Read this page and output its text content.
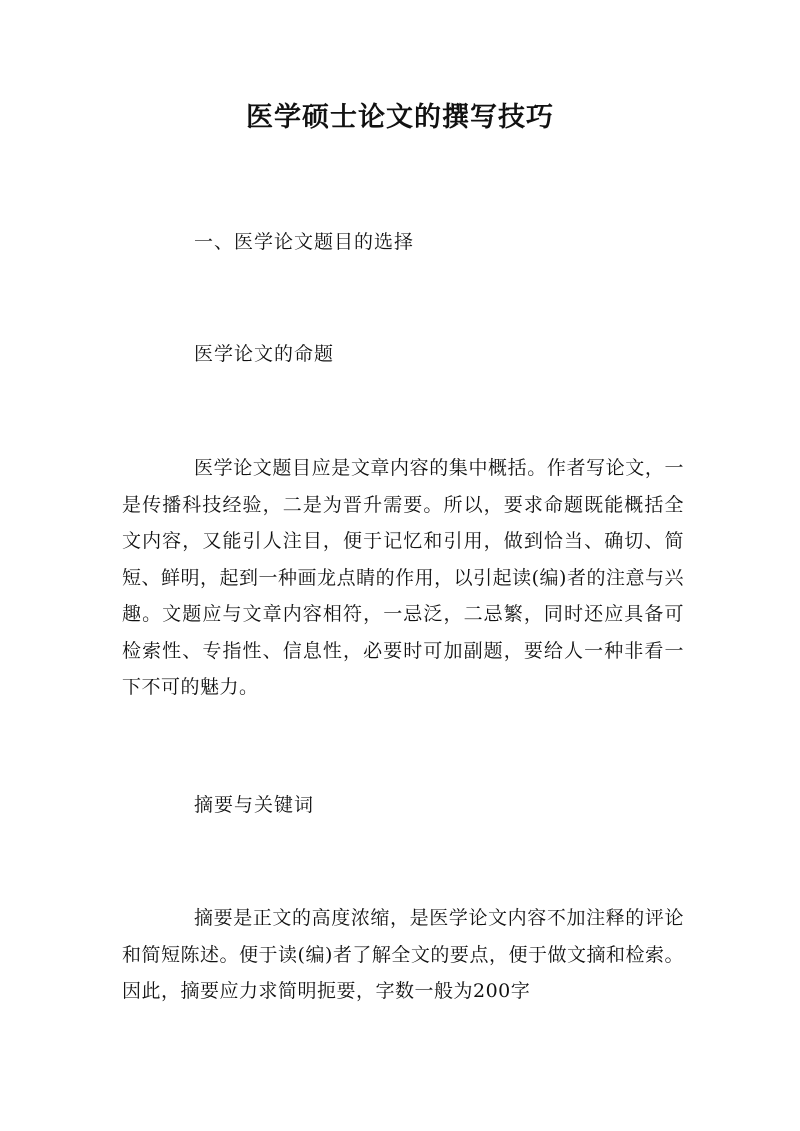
医学硕士论文的撰写技巧
一、医学论文题目的选择
医学论文的命题

医学论文题目应是文章内容的集中概括。作者写论文，一是传播科技经验，二是为晋升需要。所以，要求命题既能概括全文内容，又能引人注目，便于记忆和引用，做到恰当、确切、简短、鲜明，起到一种画龙点睛的作用，以引起读(编)者的注意与兴趣。文题应与文章内容相符，一忌泛，二忌繁，同时还应具备可检索性、专指性、信息性，必要时可加副题，要给人一种非看一下不可的魅力。

摘要与关键词

摘要是正文的高度浓缩，是医学论文内容不加注释的评论和简短陈述。便于读(编)者了解全文的要点，便于做文摘和检索。因此，摘要应力求简明扼要，字数一般为200字
